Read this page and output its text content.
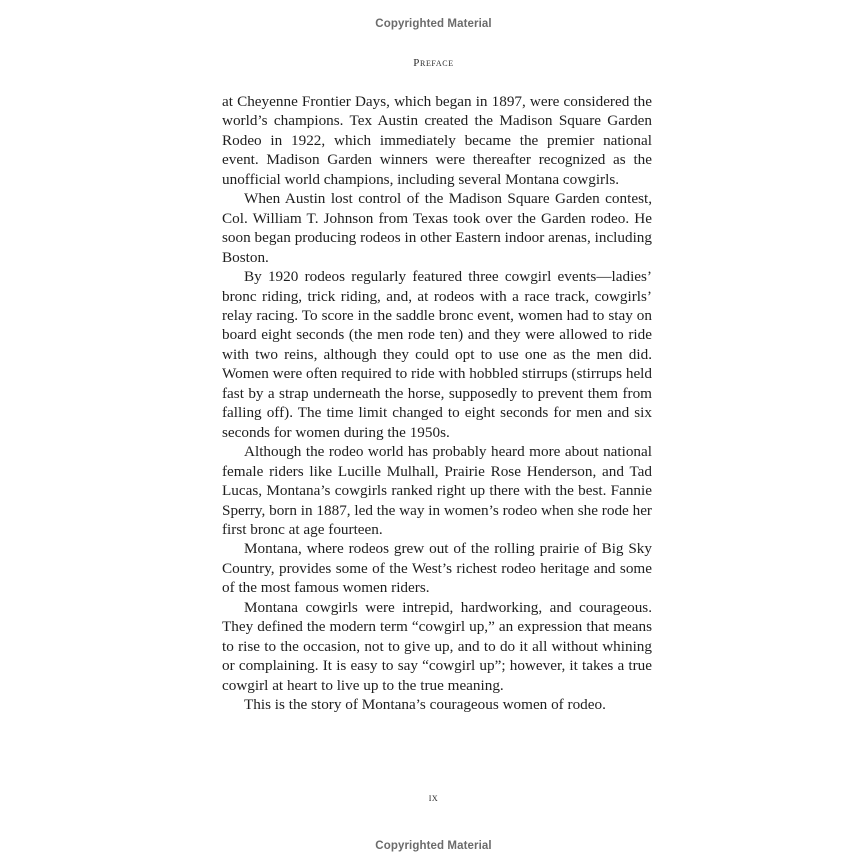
Copyrighted Material
Preface

at Cheyenne Frontier Days, which began in 1897, were considered the world’s champions. Tex Austin created the Madison Square Garden Rodeo in 1922, which immediately became the premier national event. Madison Garden winners were thereafter recognized as the unofficial world champions, including several Montana cowgirls.

When Austin lost control of the Madison Square Garden contest, Col. William T. Johnson from Texas took over the Garden rodeo. He soon began producing rodeos in other Eastern indoor arenas, including Boston.

By 1920 rodeos regularly featured three cowgirl events—ladies’ bronc riding, trick riding, and, at rodeos with a race track, cowgirls’ relay racing. To score in the saddle bronc event, women had to stay on board eight seconds (the men rode ten) and they were allowed to ride with two reins, although they could opt to use one as the men did. Women were often required to ride with hobbled stirrups (stirrups held fast by a strap underneath the horse, supposedly to prevent them from falling off). The time limit changed to eight seconds for men and six seconds for women during the 1950s.

Although the rodeo world has probably heard more about national female riders like Lucille Mulhall, Prairie Rose Henderson, and Tad Lucas, Montana’s cowgirls ranked right up there with the best. Fannie Sperry, born in 1887, led the way in women’s rodeo when she rode her first bronc at age fourteen.

Montana, where rodeos grew out of the rolling prairie of Big Sky Country, provides some of the West’s richest rodeo heritage and some of the most famous women riders.

Montana cowgirls were intrepid, hardworking, and courageous. They defined the modern term “cowgirl up,” an expression that means to rise to the occasion, not to give up, and to do it all without whining or complaining. It is easy to say “cowgirl up”; however, it takes a true cowgirl at heart to live up to the true meaning.

This is the story of Montana’s courageous women of rodeo.

ix
Copyrighted Material
